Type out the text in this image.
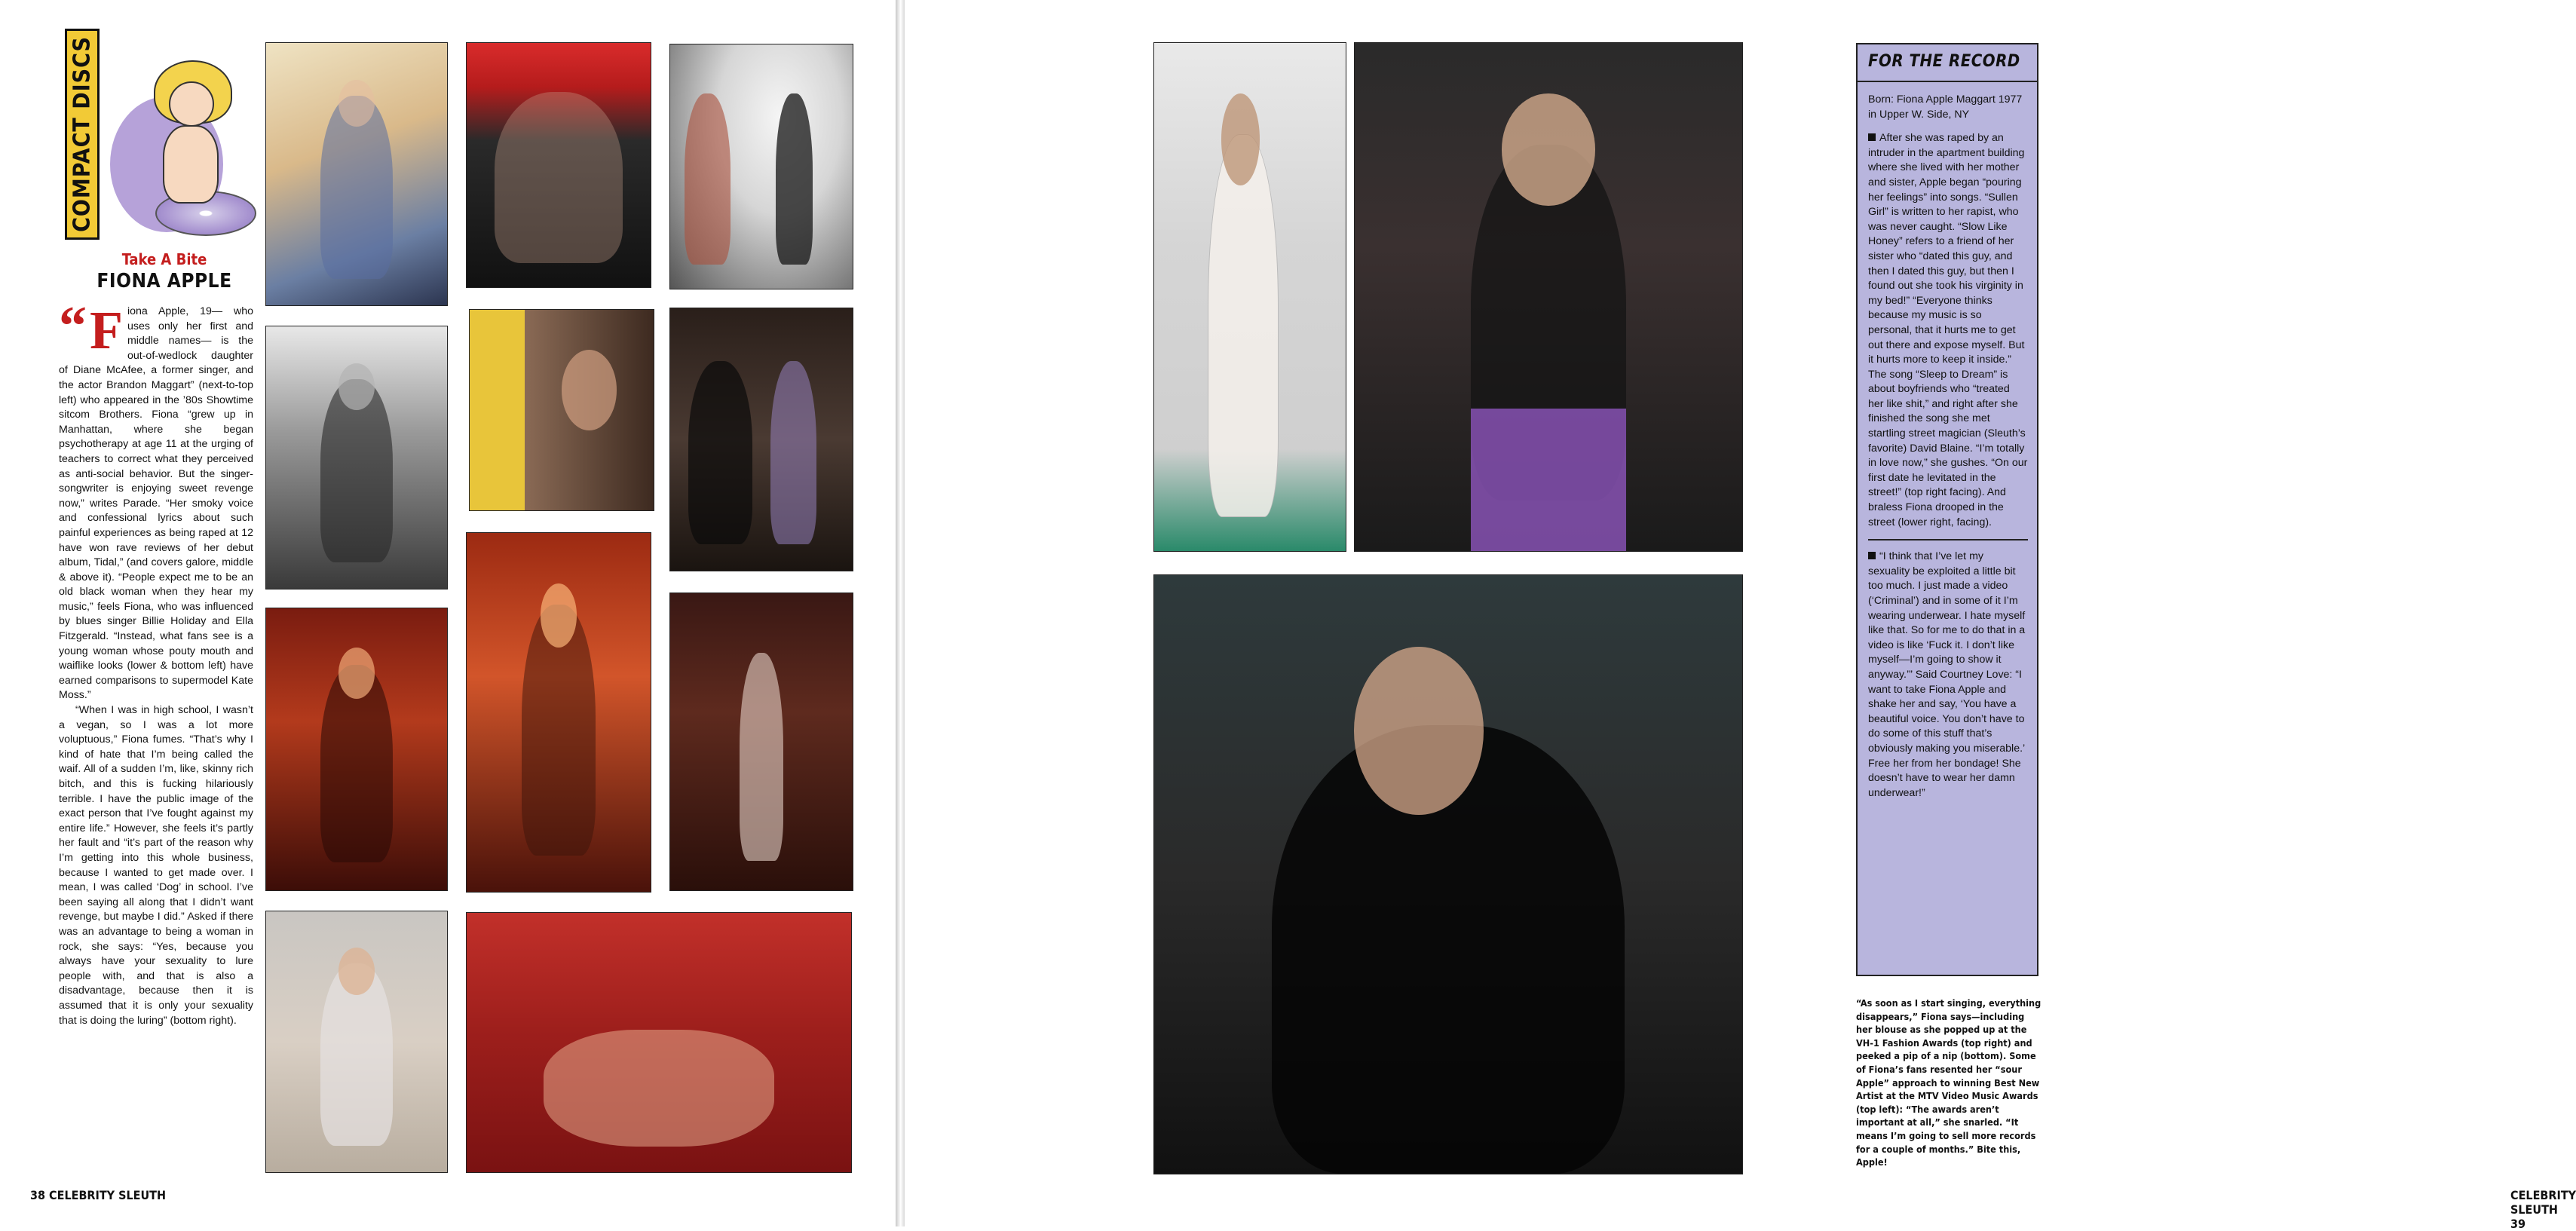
COMPACT DISCS
Take A Bite
FIONA APPLE

“ F iona Apple, 19— who uses only her first and middle names— is the out-of-wedlock daughter of Diane McAfee, a former singer, and the actor Brandon Maggart” (next-to-top left) who appeared in the ’80s Showtime sitcom Brothers. Fiona “grew up in Manhattan, where she began psychotherapy at age 11 at the urging of teachers to correct what they perceived as anti-social behavior. But the singer-songwriter is enjoying sweet revenge now,” writes Parade. “Her smoky voice and confessional lyrics about such painful experiences as being raped at 12 have won rave reviews of her debut album, Tidal,” (and covers galore, middle & above it). “People expect me to be an old black woman when they hear my music,” feels Fiona, who was influenced by blues singer Billie Holiday and Ella Fitzgerald. “Instead, what fans see is a young woman whose pouty mouth and waiflike looks (lower & bottom left) have earned comparisons to supermodel Kate Moss.”

“When I was in high school, I wasn’t a vegan, so I was a lot more voluptuous,” Fiona fumes. “That’s why I kind of hate that I’m being called the waif. All of a sudden I’m, like, skinny rich bitch, and this is fucking hilariously terrible. I have the public image of the exact person that I’ve fought against my entire life.” However, she feels it’s partly her fault and “it’s part of the reason why I’m getting into this whole business, because I wanted to get made over. I mean, I was called ‘Dog’ in school. I’ve been saying all along that I didn’t want revenge, but maybe I did.” Asked if there was an advantage to being a woman in rock, she says: “Yes, because you always have your sexuality to lure people with, and that is also a disadvantage, because then it is assumed that it is only your sexuality that is doing the luring” (bottom right).

38 CELEBRITY SLEUTH
FOR THE RECORD

Born: Fiona Apple Maggart 1977 in Upper W. Side, NY

After she was raped by an intruder in the apartment building where she lived with her mother and sister, Apple began “pouring her feelings” into songs. “Sullen Girl” is written to her rapist, who was never caught. “Slow Like Honey” refers to a friend of her sister who “dated this guy, and then I dated this guy, but then I found out she took his virginity in my bed!” “Everyone thinks because my music is so personal, that it hurts me to get out there and expose myself. But it hurts more to keep it inside.” The song “Sleep to Dream” is about boyfriends who “treated her like shit,” and right after she finished the song she met startling street magician (Sleuth’s favorite) David Blaine. “I’m totally in love now,” she gushes. “On our first date he levitated in the street!” (top right facing). And braless Fiona drooped in the street (lower right, facing).

“I think that I’ve let my sexuality be exploited a little bit too much. I just made a video (‘Criminal’) and in some of it I’m wearing underwear. I hate myself like that. So for me to do that in a video is like ‘Fuck it. I don’t like myself—I’m going to show it anyway.’” Said Courtney Love: “I want to take Fiona Apple and shake her and say, ‘You have a beautiful voice. You don’t have to do some of this stuff that’s obviously making you miserable.’ Free her from her bondage! She doesn’t have to wear her damn underwear!”

“As soon as I start singing, everything disappears,” Fiona says—including her blouse as she popped up at the VH-1 Fashion Awards (top right) and peeked a pip of a nip (bottom). Some of Fiona’s fans resented her “sour Apple” approach to winning Best New Artist at the MTV Video Music Awards (top left): “The awards aren’t important at all,” she snarled. “It means I’m going to sell more records for a couple of months.” Bite this, Apple!
CELEBRITY SLEUTH 39
